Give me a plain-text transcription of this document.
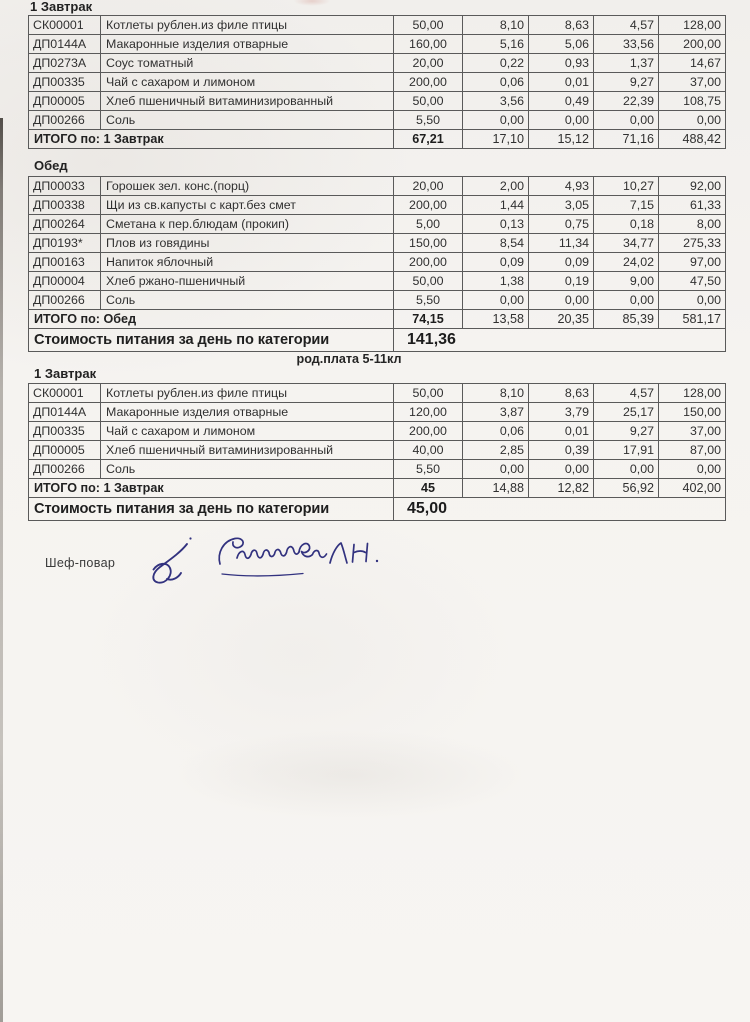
1 Завтрак
СК00001	Котлеты рублен.из филе птицы	50,00	8,10	8,63	4,57	128,00
ДП0144А	Макаронные изделия отварные	160,00	5,16	5,06	33,56	200,00
ДП0273А	Соус томатный	20,00	0,22	0,93	1,37	14,67
ДП00335	Чай с сахаром и лимоном	200,00	0,06	0,01	9,27	37,00
ДП00005	Хлеб пшеничный витаминизированный	50,00	3,56	0,49	22,39	108,75
ДП00266	Соль	5,50	0,00	0,00	0,00	0,00
ИТОГО по: 1 Завтрак		67,21	17,10	15,12	71,16	488,42
Обед
ДП00033	Горошек зел. конс.(порц)	20,00	2,00	4,93	10,27	92,00
ДП00338	Щи из св.капусты с карт.без смет	200,00	1,44	3,05	7,15	61,33
ДП00264	Сметана к пер.блюдам (прокип)	5,00	0,13	0,75	0,18	8,00
ДП0193*	Плов из говядины	150,00	8,54	11,34	34,77	275,33
ДП00163	Напиток яблочный	200,00	0,09	0,09	24,02	97,00
ДП00004	Хлеб ржано-пшеничный	50,00	1,38	0,19	9,00	47,50
ДП00266	Соль	5,50	0,00	0,00	0,00	0,00
ИТОГО по: Обед		74,15	13,58	20,35	85,39	581,17
Стоимость питания за день по категории		141,36				
род.плата 5-11кл
1 Завтрак
СК00001	Котлеты рублен.из филе птицы	50,00	8,10	8,63	4,57	128,00
ДП0144А	Макаронные изделия отварные	120,00	3,87	3,79	25,17	150,00
ДП00335	Чай с сахаром и лимоном	200,00	0,06	0,01	9,27	37,00
ДП00005	Хлеб пшеничный витаминизированный	40,00	2,85	0,39	17,91	87,00
ДП00266	Соль	5,50	0,00	0,00	0,00	0,00
ИТОГО по: 1 Завтрак		45	14,88	12,82	56,92	402,00
Стоимость питания за день по категории		45,00				
Шеф-повар
